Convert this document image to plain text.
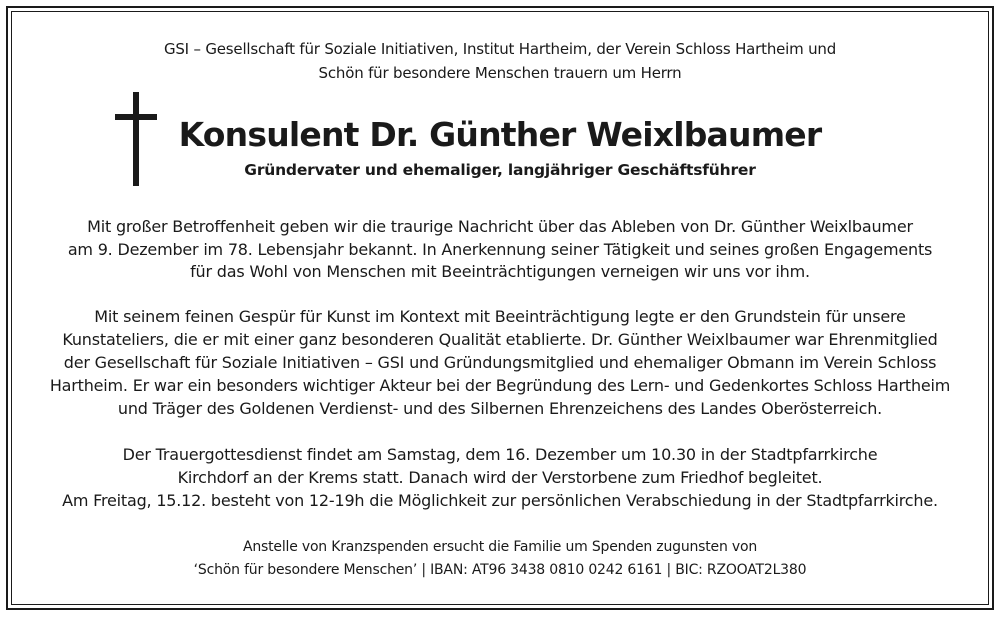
GSI – Gesellschaft für Soziale Initiativen, Institut Hartheim, der Verein Schloss Hartheim und
Schön für besondere Menschen trauern um Herrn
Konsulent Dr. Günther Weixlbaumer
Gründervater und ehemaliger, langjähriger Geschäftsführer
Mit großer Betroffenheit geben wir die traurige Nachricht über das Ableben von Dr. Günther Weixlbaumer
am 9. Dezember im 78. Lebensjahr bekannt. In Anerkennung seiner Tätigkeit und seines großen Engagements
für das Wohl von Menschen mit Beeinträchtigungen verneigen wir uns vor ihm.
Mit seinem feinen Gespür für Kunst im Kontext mit Beeinträchtigung legte er den Grundstein für unsere
Kunstateliers, die er mit einer ganz besonderen Qualität etablierte. Dr. Günther Weixlbaumer war Ehrenmitglied
der Gesellschaft für Soziale Initiativen – GSI und Gründungsmitglied und ehemaliger Obmann im Verein Schloss
Hartheim. Er war ein besonders wichtiger Akteur bei der Begründung des Lern- und Gedenkortes Schloss Hartheim
und Träger des Goldenen Verdienst- und des Silbernen Ehrenzeichens des Landes Oberösterreich.
Der Trauergottesdienst findet am Samstag, dem 16. Dezember um 10.30 in der Stadtpfarrkirche
Kirchdorf an der Krems statt. Danach wird der Verstorbene zum Friedhof begleitet.
Am Freitag, 15.12. besteht von 12-19h die Möglichkeit zur persönlichen Verabschiedung in der Stadtpfarrkirche.
Anstelle von Kranzspenden ersucht die Familie um Spenden zugunsten von
‘Schön für besondere Menschen’ | IBAN: AT96 3438 0810 0242 6161 | BIC: RZOOAT2L380
